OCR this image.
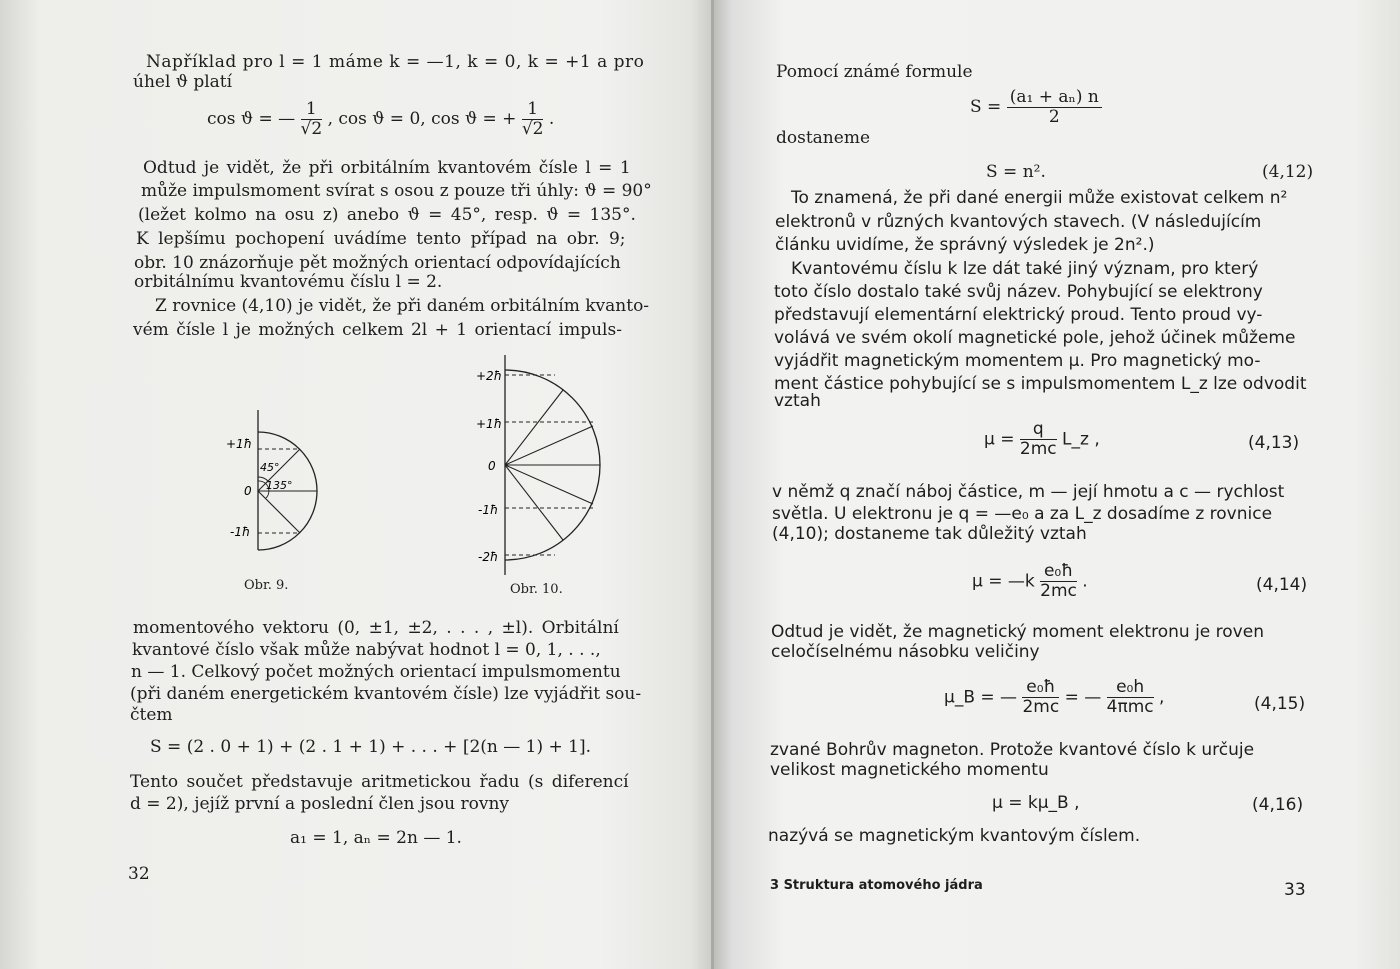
Například pro l = 1 máme k = —1, k = 0, k = +1 a pro
úhel ϑ platí
cos ϑ = — $\frac{1}{√2}$ , cos ϑ = 0, cos ϑ = + $\frac{1}{√2}$ .
Odtud je vidět, že při orbitálním kvantovém čísle l = 1
může impulsmoment svírat s osou z pouze tři úhly: ϑ = 90°
(ležet kolmo na osu z) anebo ϑ = 45°, resp. ϑ = 135°.
K lepšímu pochopení uvádíme tento případ na obr. 9;
obr. 10 znázorňuje pět možných orientací odpovídajících
orbitálnímu kvantovému číslu l = 2.
Z rovnice (4,10) je vidět, že při daném orbitálním kvanto-
vém čísle l je možných celkem 2l + 1 orientací impuls-
+1ħ
0
-1ħ
45°
135°
Obr. 9.
+2ħ
+1ħ
0
-1ħ
-2ħ
Obr. 10.
momentového vektoru (0, ±1, ±2, . . . , ±l). Orbitální
kvantové číslo však může nabývat hodnot l = 0, 1, . . .,
n — 1. Celkový počet možných orientací impulsmomentu
(při daném energetickém kvantovém čísle) lze vyjádřit sou-
čtem
S = (2 . 0 + 1) + (2 . 1 + 1) + . . . + [2(n — 1) + 1].
Tento součet představuje aritmetickou řadu (s diferencí
d = 2), jejíž první a poslední člen jsou rovny
a₁ = 1, aₙ = 2n — 1.
32
Pomocí známé formule
$S = \frac{\text{(a₁ + aₙ) n}}{2}$
dostaneme
S = n².	(4,12)
To znamená, že při dané energii může existovat celkem n²
elektronů v různých kvantových stavech. (V následujícím
článku uvidíme, že správný výsledek je 2n².)
Kvantovému číslu k lze dát také jiný význam, pro který
toto číslo dostalo také svůj název. Pohybující se elektrony
představují elementární elektrický proud. Tento proud vy-
volává ve svém okolí magnetické pole, jehož účinek můžeme
vyjádřit magnetickým momentem μ. Pro magnetický mo-
ment částice pohybující se s impulsmomentem L_z lze odvodit
vztah
$\mu = \frac{q}{2mc}$ L_z ,	(4,13)
v němž q značí náboj částice, m — její hmotu a c — rychlost
světla. U elektronu je q = —e₀ a za L_z dosadíme z rovnice
(4,10); dostaneme tak důležitý vztah
μ = —k $\frac{\text{e₀ħ}}{2mc}$ .	(4,14)
Odtud je vidět, že magnetický moment elektronu je roven
celočíselnému násobku veličiny
μ_B = — $\frac{\text{e₀ħ}}{2mc}$ = — $\frac{\text{e₀h}}{\text{4πmc}}$ ,	(4,15)
zvané Bohrův magneton. Protože kvantové číslo k určuje
velikost magnetického momentu
μ = kμ_B ,	(4,16)
nazývá se magnetickým kvantovým číslem.
3 Struktura atomového jádra	33
